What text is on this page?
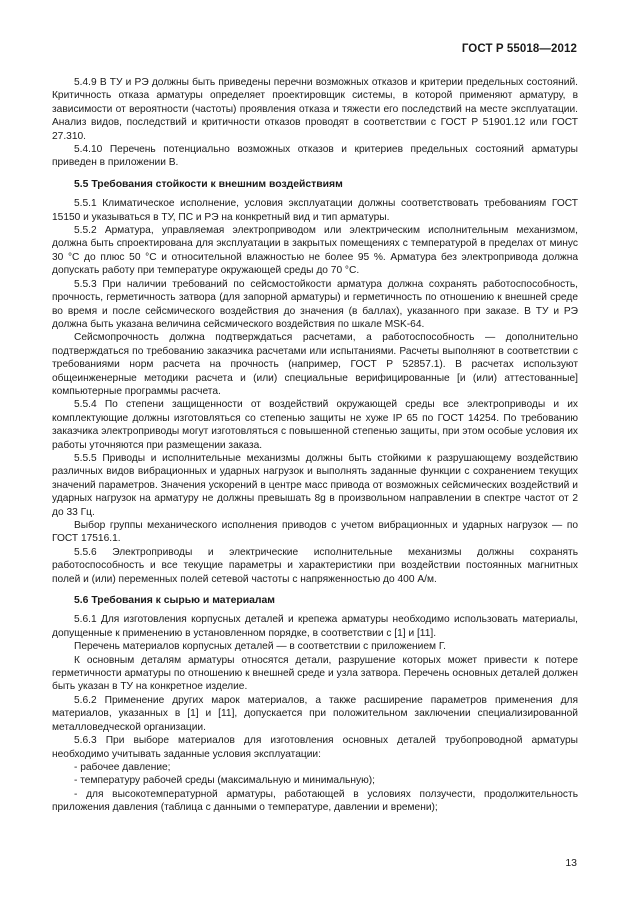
ГОСТ Р 55018—2012

5.4.9 В ТУ и РЭ должны быть приведены перечни возможных отказов и критерии предельных состояний. Критичность отказа арматуры определяет проектировщик системы, в которой применяют арматуру, в зависимости от вероятности (частоты) проявления отказа и тяжести его последствий на месте эксплуатации. Анализ видов, последствий и критичности отказов проводят в соответствии с ГОСТ Р 51901.12 или ГОСТ 27.310.

5.4.10 Перечень потенциально возможных отказов и критериев предельных состояний арматуры приведен в приложении В.

5.5 Требования стойкости к внешним воздействиям

5.5.1 Климатическое исполнение, условия эксплуатации должны соответствовать требованиям ГОСТ 15150 и указываться в ТУ, ПС и РЭ на конкретный вид и тип арматуры.

5.5.2 Арматура, управляемая электроприводом или электрическим исполнительным механизмом, должна быть спроектирована для эксплуатации в закрытых помещениях с температурой в пределах от минус 30 °С до плюс 50 °С и относительной влажностью не более 95 %. Арматура без электропривода должна допускать работу при температуре окружающей среды до 70 °С.

5.5.3 При наличии требований по сейсмостойкости арматура должна сохранять работоспособность, прочность, герметичность затвора (для запорной арматуры) и герметичность по отношению к внешней среде во время и после сейсмического воздействия до значения (в баллах), указанного при заказе. В ТУ и РЭ должна быть указана величина сейсмического воздействия по шкале MSK-64.

Сейсмопрочность должна подтверждаться расчетами, а работоспособность — дополнительно подтверждаться по требованию заказчика расчетами или испытаниями. Расчеты выполняют в соответствии с требованиями норм расчета на прочность (например, ГОСТ Р 52857.1). В расчетах используют общеинженерные методики расчета и (или) специальные верифицированные [и (или) аттестованные] компьютерные программы расчета.

5.5.4 По степени защищенности от воздействий окружающей среды все электроприводы и их комплектующие должны изготовляться со степенью защиты не хуже IP 65 по ГОСТ 14254. По требованию заказчика электроприводы могут изготовляться с повышенной степенью защиты, при этом особые условия их работы уточняются при размещении заказа.

5.5.5 Приводы и исполнительные механизмы должны быть стойкими к разрушающему воздействию различных видов вибрационных и ударных нагрузок и выполнять заданные функции с сохранением текущих значений параметров. Значения ускорений в центре масс привода от возможных сейсмических воздействий и ударных нагрузок на арматуру не должны превышать 8g в произвольном направлении в спектре частот от 2 до 33 Гц.

Выбор группы механического исполнения приводов с учетом вибрационных и ударных нагрузок — по ГОСТ 17516.1.

5.5.6 Электроприводы и электрические исполнительные механизмы должны сохранять работоспособность и все текущие параметры и характеристики при воздействии постоянных магнитных полей и (или) переменных полей сетевой частоты с напряженностью до 400 А/м.

5.6 Требования к сырью и материалам

5.6.1 Для изготовления корпусных деталей и крепежа арматуры необходимо использовать материалы, допущенные к применению в установленном порядке, в соответствии с [1] и [11].

Перечень материалов корпусных деталей — в соответствии с приложением Г.

К основным деталям арматуры относятся детали, разрушение которых может привести к потере герметичности арматуры по отношению к внешней среде и узла затвора. Перечень основных деталей должен быть указан в ТУ на конкретное изделие.

5.6.2 Применение других марок материалов, а также расширение параметров применения для материалов, указанных в [1] и [11], допускается при положительном заключении специализированной металловедческой организации.

5.6.3 При выборе материалов для изготовления основных деталей трубопроводной арматуры необходимо учитывать заданные условия эксплуатации:

- рабочее давление;

- температуру рабочей среды (максимальную и минимальную);

- для высокотемпературной арматуры, работающей в условиях ползучести, продолжительность приложения давления (таблица с данными о температуре, давлении и времени);

13
